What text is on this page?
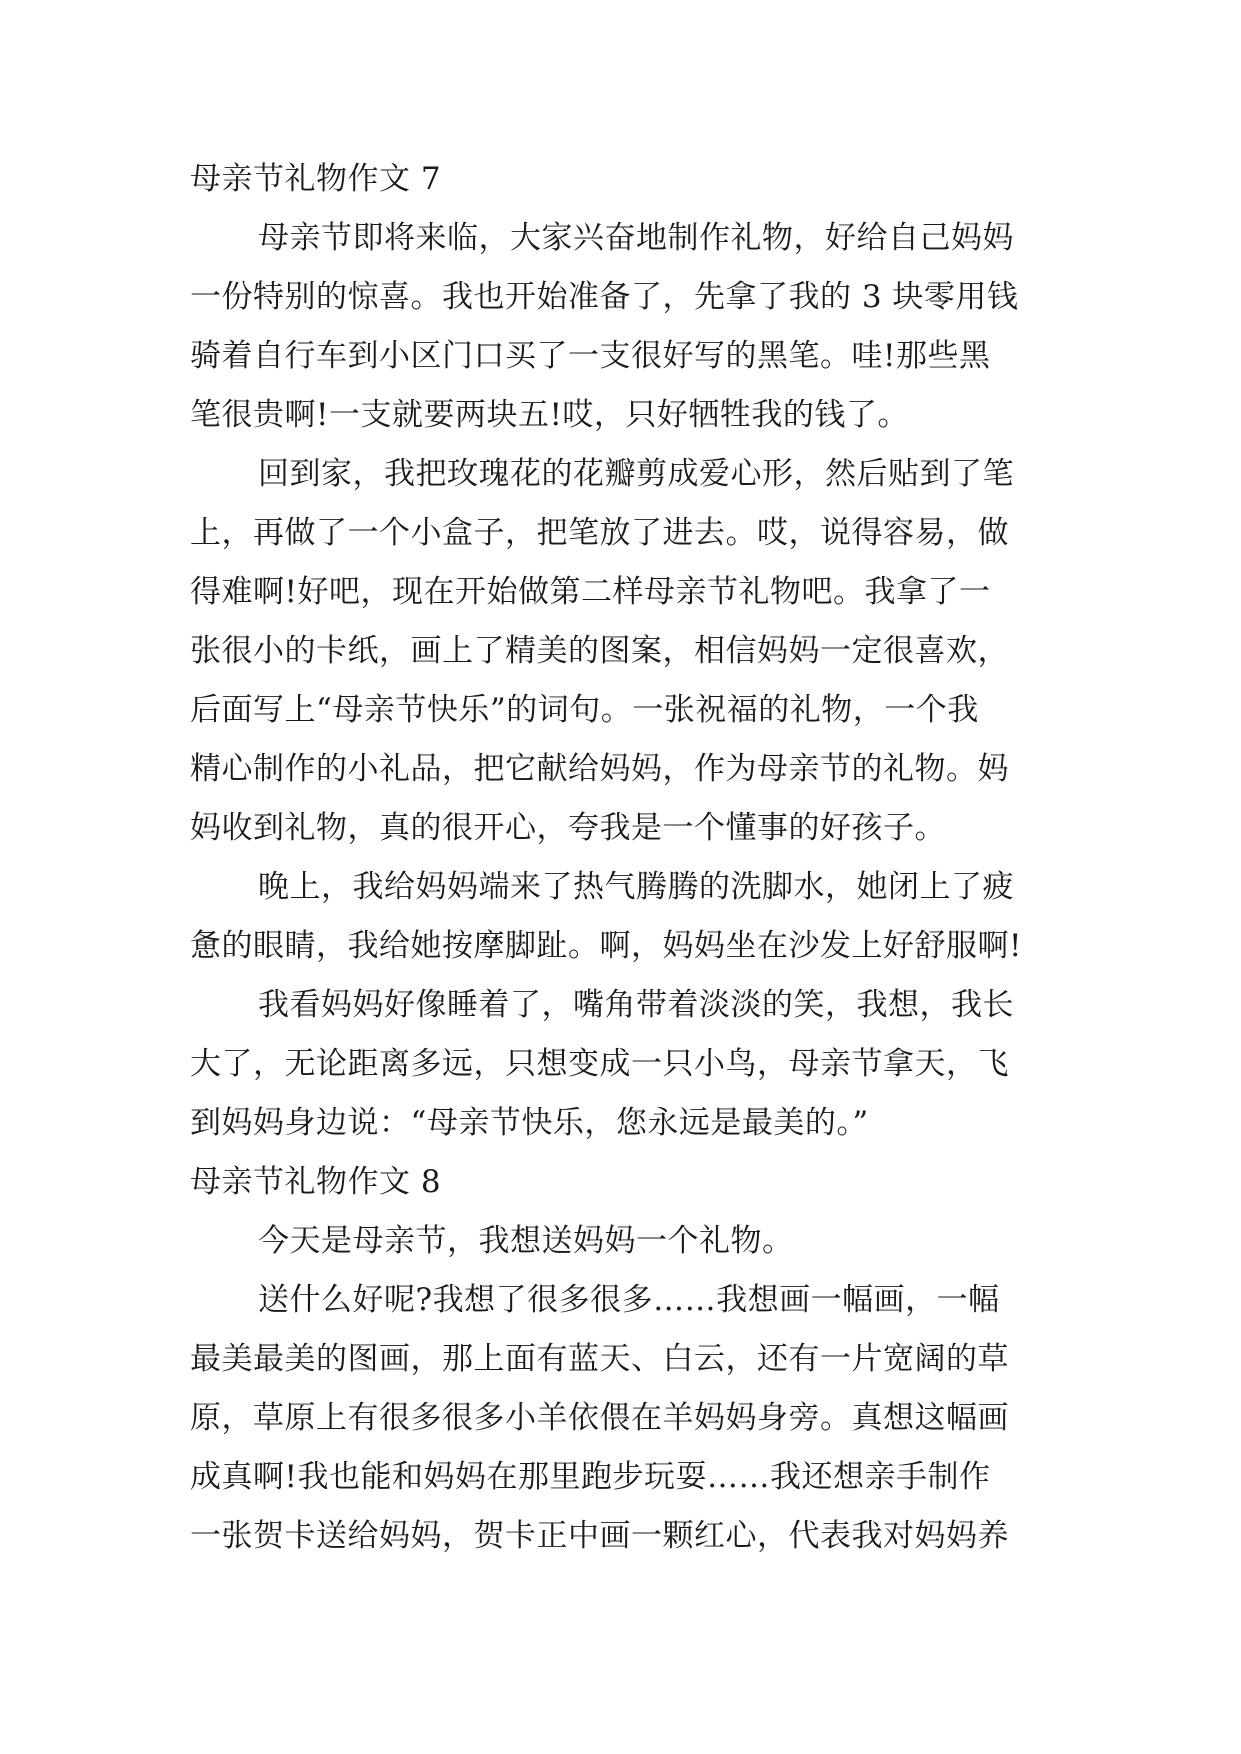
母亲节礼物作文 7
母亲节即将来临，大家兴奋地制作礼物，好给自己妈妈
一份特别的惊喜。我也开始准备了，先拿了我的 3 块零用钱
骑着自行车到小区门口买了一支很好写的黑笔。哇!那些黑
笔很贵啊!一支就要两块五!哎，只好牺牲我的钱了。
回到家，我把玫瑰花的花瓣剪成爱心形，然后贴到了笔
上，再做了一个小盒子，把笔放了进去。哎，说得容易，做
得难啊!好吧，现在开始做第二样母亲节礼物吧。我拿了一
张很小的卡纸，画上了精美的图案，相信妈妈一定很喜欢，
后面写上“母亲节快乐”的词句。一张祝福的礼物，一个我
精心制作的小礼品，把它献给妈妈，作为母亲节的礼物。妈
妈收到礼物，真的很开心，夸我是一个懂事的好孩子。
晚上，我给妈妈端来了热气腾腾的洗脚水，她闭上了疲
惫的眼睛，我给她按摩脚趾。啊，妈妈坐在沙发上好舒服啊!
我看妈妈好像睡着了，嘴角带着淡淡的笑，我想，我长
大了，无论距离多远，只想变成一只小鸟，母亲节拿天，飞
到妈妈身边说：“母亲节快乐，您永远是最美的。”
母亲节礼物作文 8
今天是母亲节，我想送妈妈一个礼物。
送什么好呢?我想了很多很多……我想画一幅画，一幅
最美最美的图画，那上面有蓝天、白云，还有一片宽阔的草
原，草原上有很多很多小羊依偎在羊妈妈身旁。真想这幅画
成真啊!我也能和妈妈在那里跑步玩耍……我还想亲手制作
一张贺卡送给妈妈，贺卡正中画一颗红心，代表我对妈妈养
